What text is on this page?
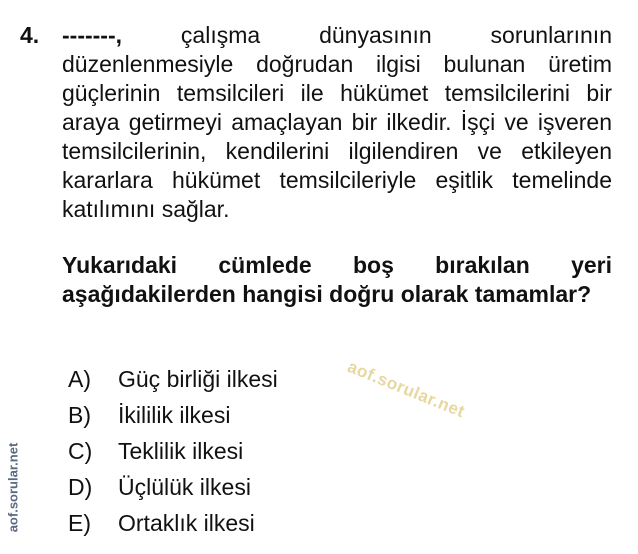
4. -------, çalışma dünyasının sorunlarının düzenlenmesiyle doğrudan ilgisi bulunan üretim güçlerinin temsilcileri ile hükümet temsilcilerini bir araya getirmeyi amaçlayan bir ilkedir. İşçi ve işveren temsilcilerinin, kendilerini ilgilendiren ve etkileyen kararlara hükümet temsilcileriyle eşitlik temelinde katılımını sağlar.

Yukarıdaki cümlede boş bırakılan yeri aşağıdakilerden hangisi doğru olarak tamamlar?

A) Güç birliği ilkesi
B) İkililik ilkesi
C) Teklilik ilkesi
D) Üçlülük ilkesi
E) Ortaklık ilkesi
aof.sorular.net
aof.sorular.net
